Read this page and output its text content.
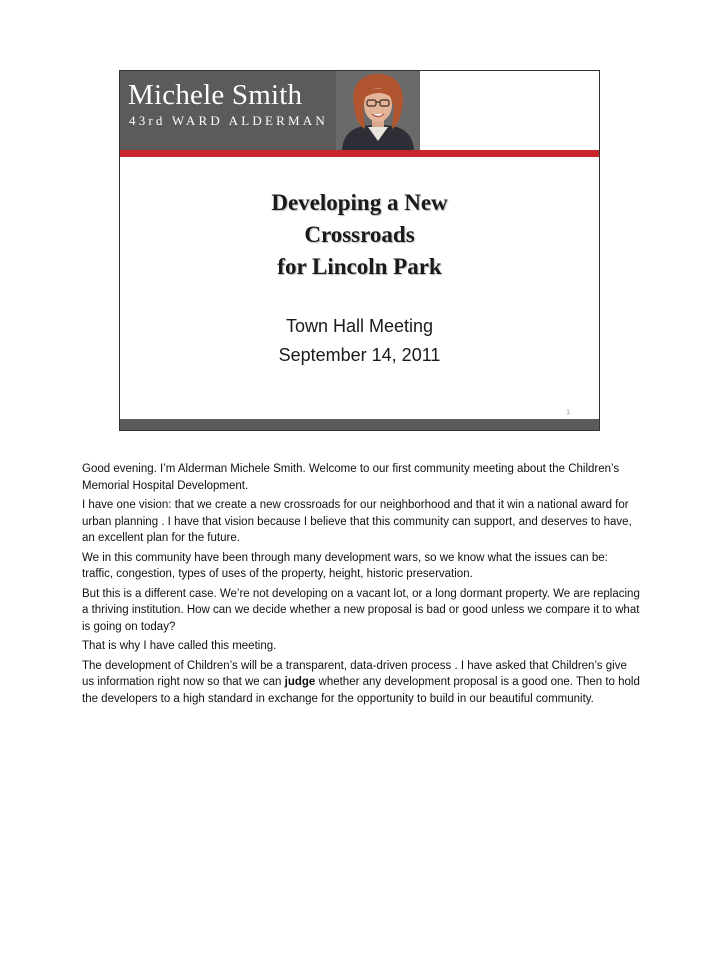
Michele Smith
43rd WARD ALDERMAN
Developing a New
Crossroads
for Lincoln Park
Town Hall Meeting
September 14, 2011
1

Good evening. I’m Alderman Michele Smith. Welcome to our first community meeting about the Children’s Memorial Hospital Development.

I have one vision: that we create a new crossroads for our neighborhood and that it win a national award for urban planning . I have that vision because I believe that this community can support, and deserves to have, an excellent plan for the future.

We in this community have been through many development wars, so we know what the issues can be: traffic, congestion, types of uses of the property, height, historic preservation.

But this is a different case. We’re not developing on a vacant lot, or a long dormant property. We are replacing a thriving institution. How can we decide whether a new proposal is bad or good unless we compare it to what is going on today?

That is why I have called this meeting.

The development of Children’s will be a transparent, data-driven process . I have asked that Children’s give us information right now so that we can judge whether any development proposal is a good one. Then to hold the developers to a high standard in exchange for the opportunity to build in our beautiful community.
